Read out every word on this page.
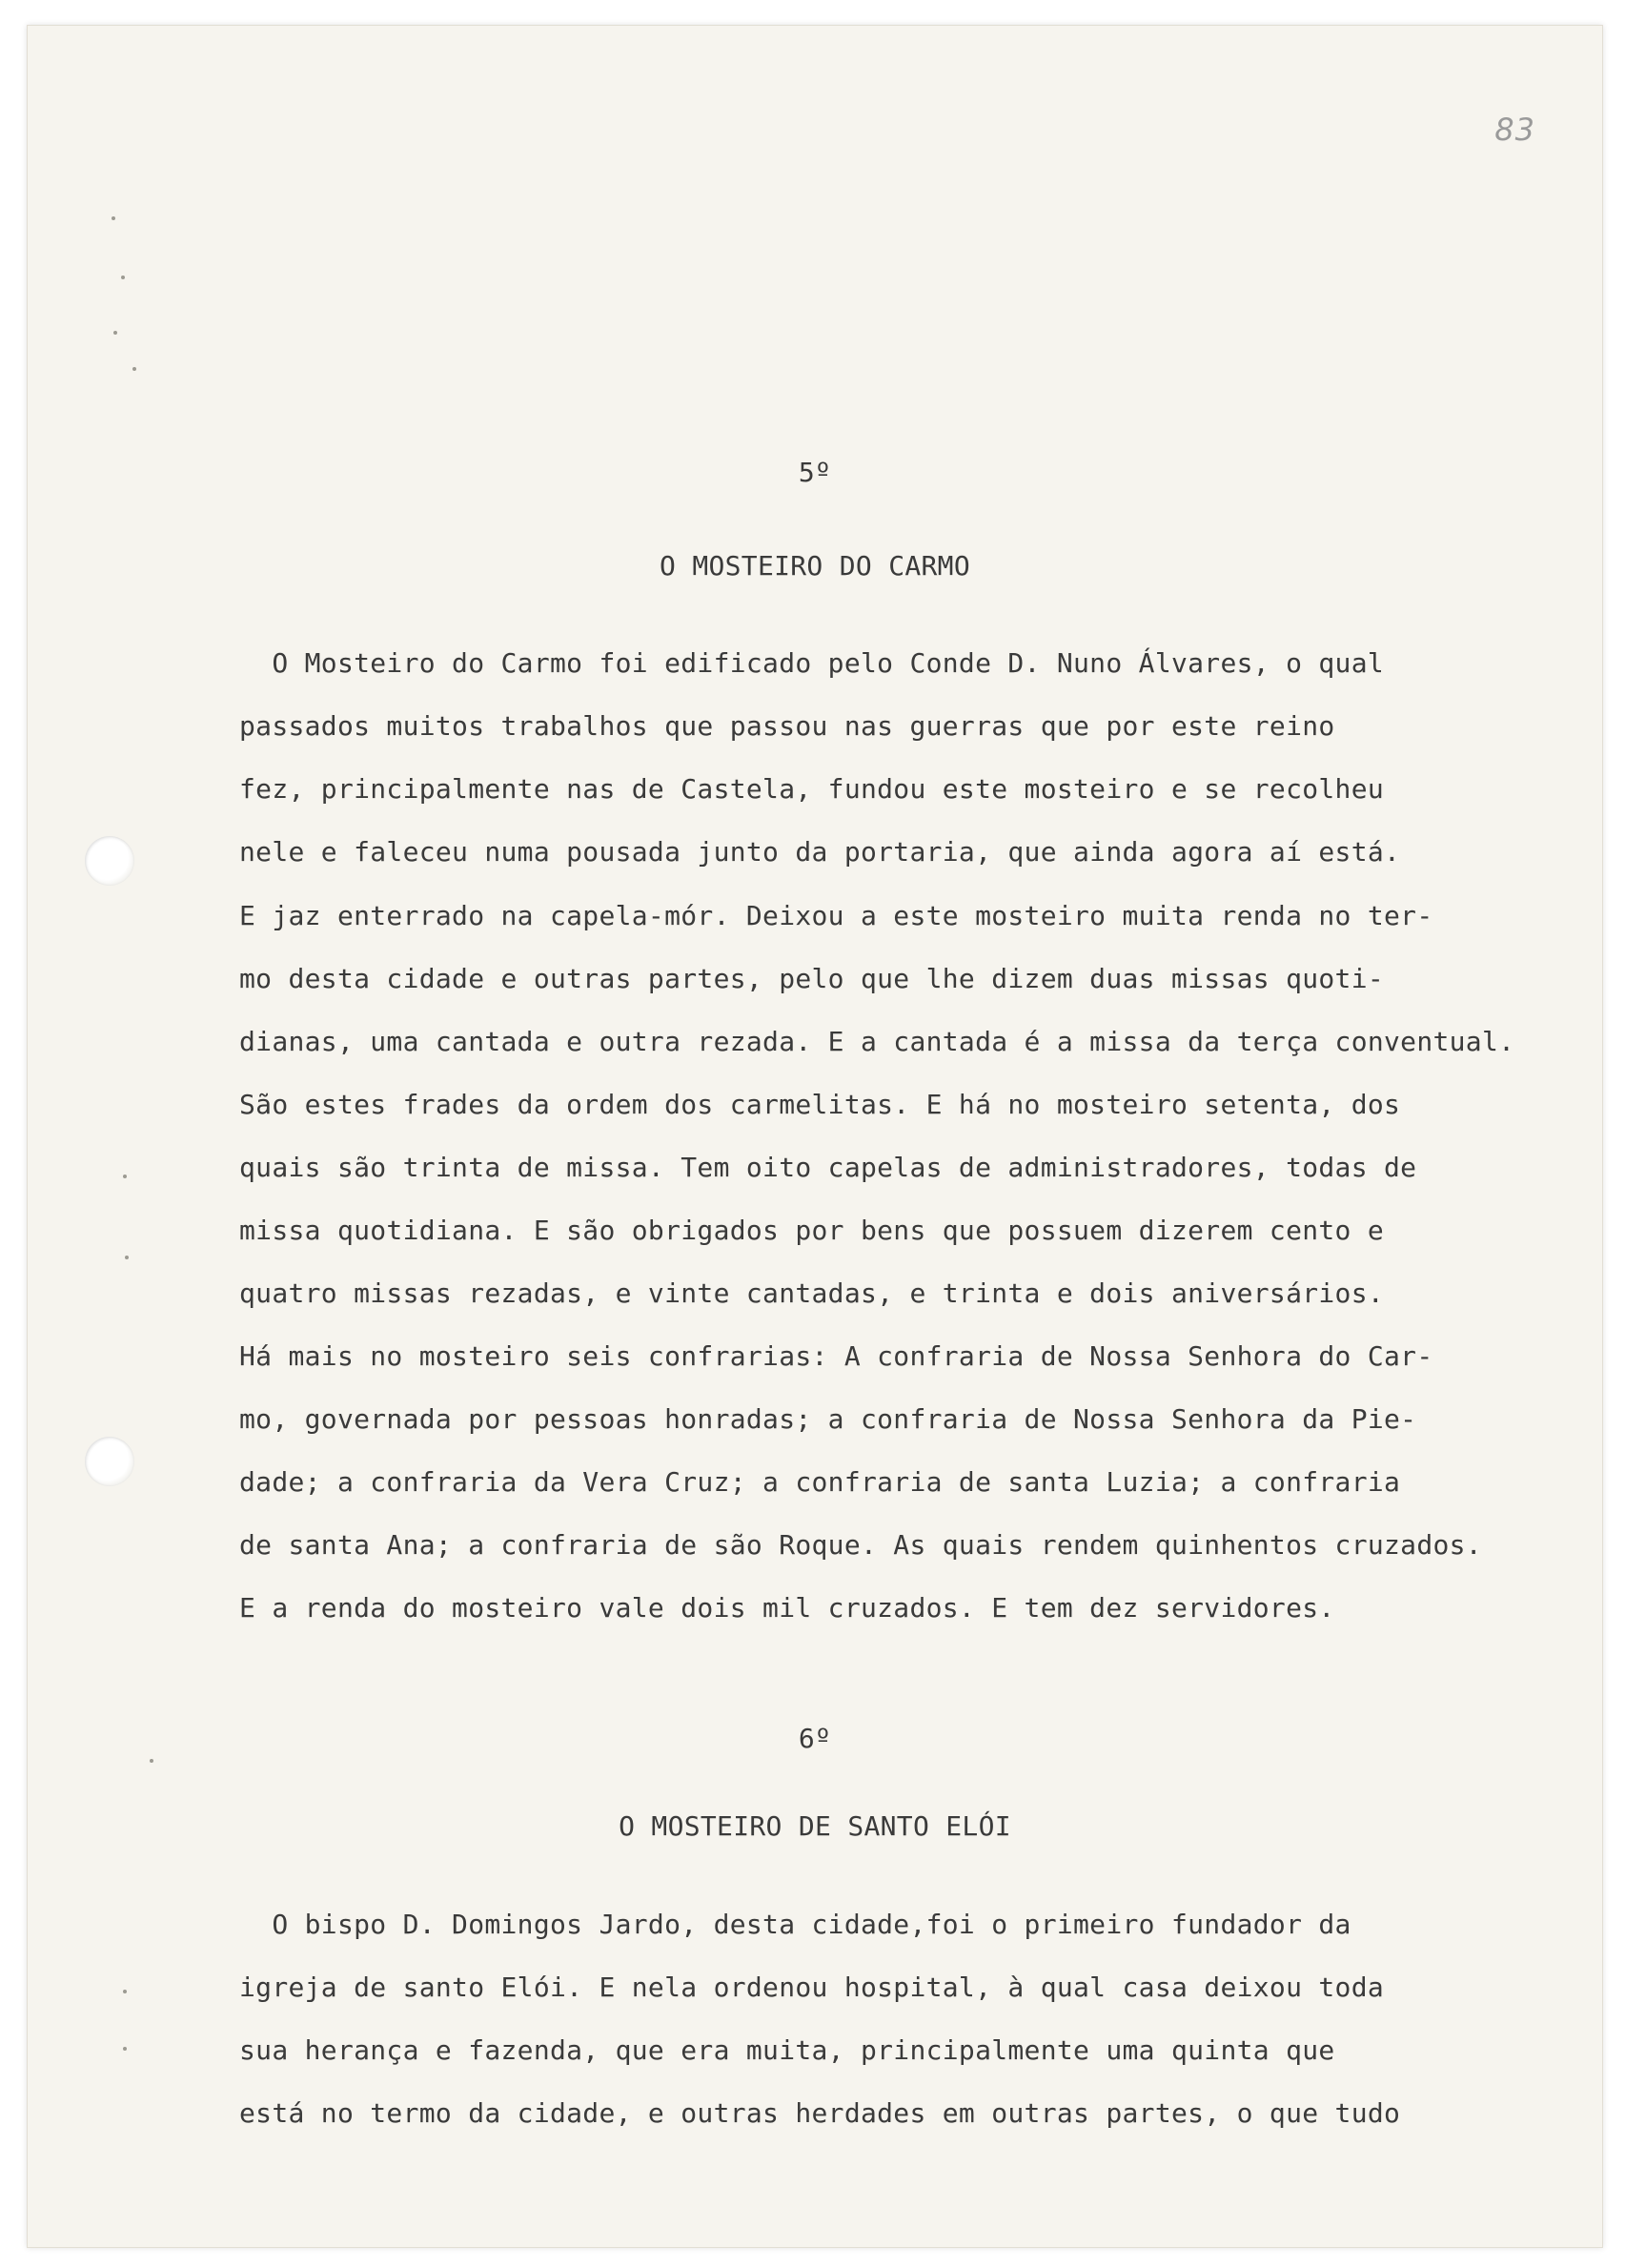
83
5º
O MOSTEIRO DO CARMO
O Mosteiro do Carmo foi edificado pelo Conde D. Nuno Álvares, o qual
passados muitos trabalhos que passou nas guerras que por este reino
fez, principalmente nas de Castela, fundou este mosteiro e se recolheu
nele e faleceu numa pousada junto da portaria, que ainda agora aí está.
E jaz enterrado na capela-mór. Deixou a este mosteiro muita renda no ter-
mo desta cidade e outras partes, pelo que lhe dizem duas missas quoti-
dianas, uma cantada e outra rezada. E a cantada é a missa da terça conventual.
São estes frades da ordem dos carmelitas. E há no mosteiro setenta, dos
quais são trinta de missa. Tem oito capelas de administradores, todas de
missa quotidiana. E são obrigados por bens que possuem dizerem cento e
quatro missas rezadas, e vinte cantadas, e trinta e dois aniversários.
Há mais no mosteiro seis confrarias: A confraria de Nossa Senhora do Car-
mo, governada por pessoas honradas; a confraria de Nossa Senhora da Pie-
dade; a confraria da Vera Cruz; a confraria de santa Luzia; a confraria
de santa Ana; a confraria de são Roque. As quais rendem quinhentos cruzados.
E a renda do mosteiro vale dois mil cruzados. E tem dez servidores.
6º
O MOSTEIRO DE SANTO ELÓI
O bispo D. Domingos Jardo, desta cidade,foi o primeiro fundador da
igreja de santo Elói. E nela ordenou hospital, à qual casa deixou toda
sua herança e fazenda, que era muita, principalmente uma quinta que
está no termo da cidade, e outras herdades em outras partes, o que tudo
